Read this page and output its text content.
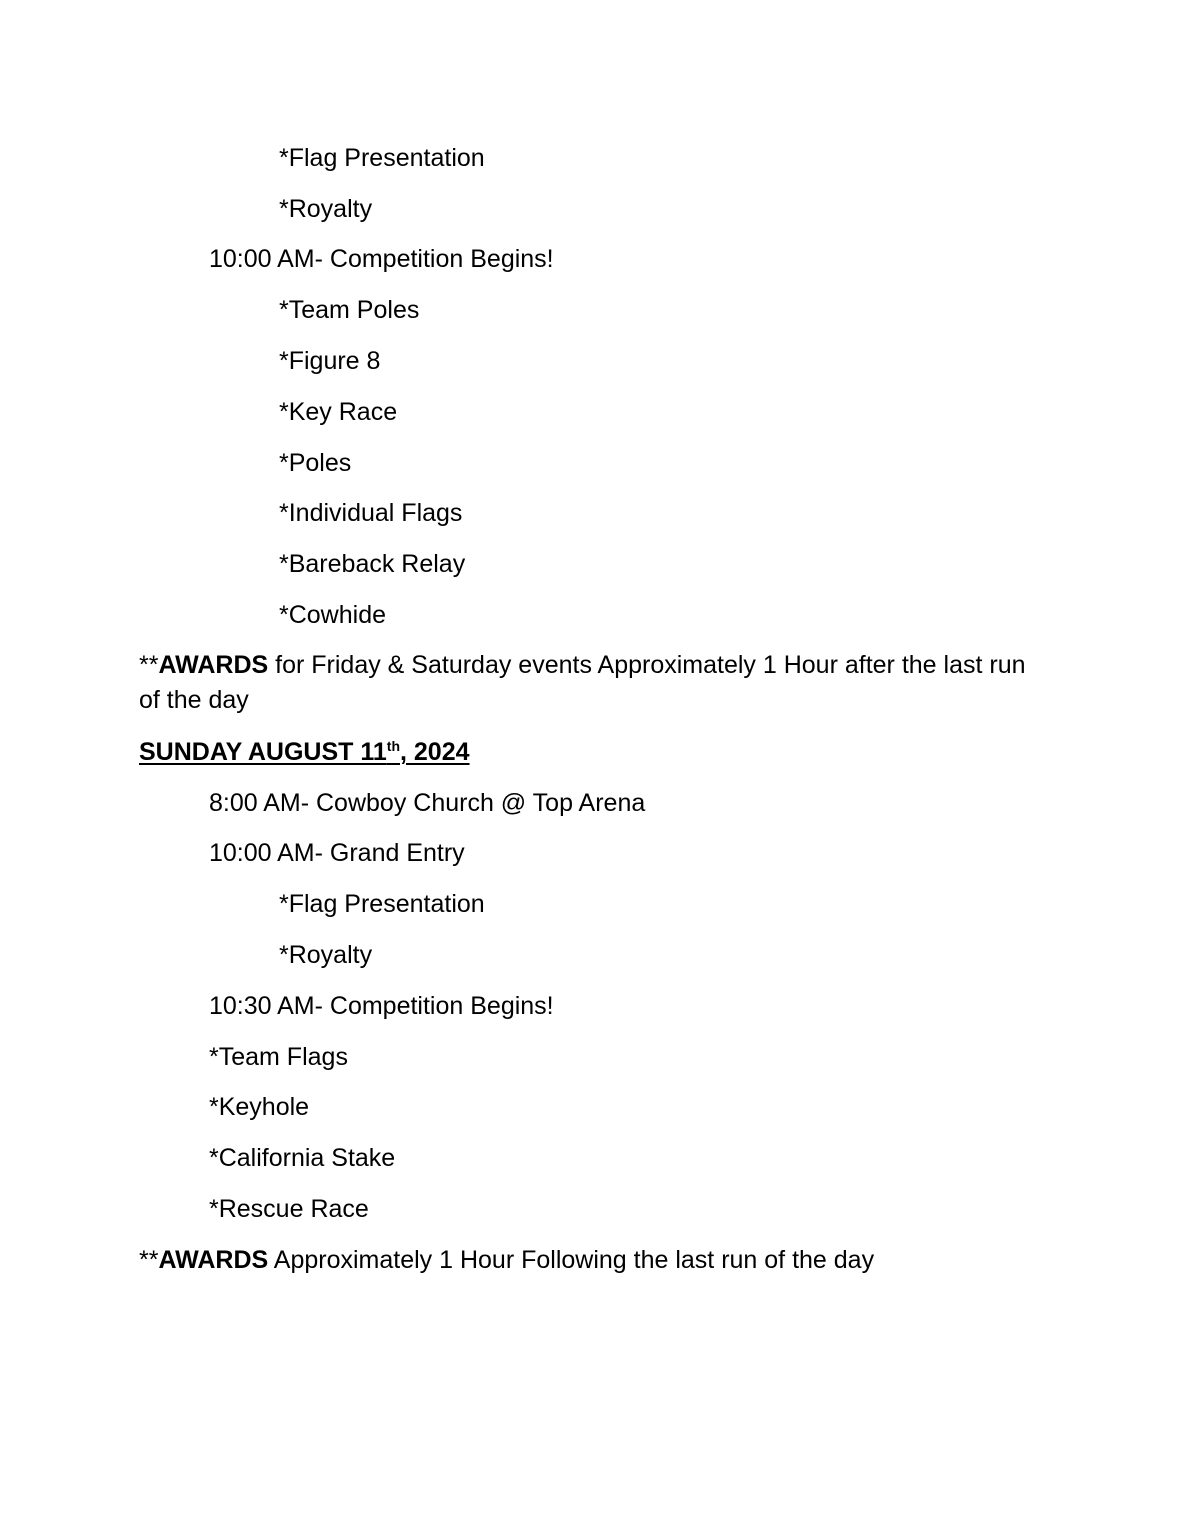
*Flag Presentation
*Royalty
10:00 AM- Competition Begins!
*Team Poles
*Figure 8
*Key Race
*Poles
*Individual Flags
*Bareback Relay
*Cowhide
**AWARDS for Friday & Saturday events Approximately 1 Hour after the last run of the day
SUNDAY AUGUST 11th, 2024
8:00 AM- Cowboy Church @ Top Arena
10:00 AM- Grand Entry
*Flag Presentation
*Royalty
10:30 AM- Competition Begins!
*Team Flags
*Keyhole
*California Stake
*Rescue Race
**AWARDS Approximately 1 Hour Following the last run of the day
